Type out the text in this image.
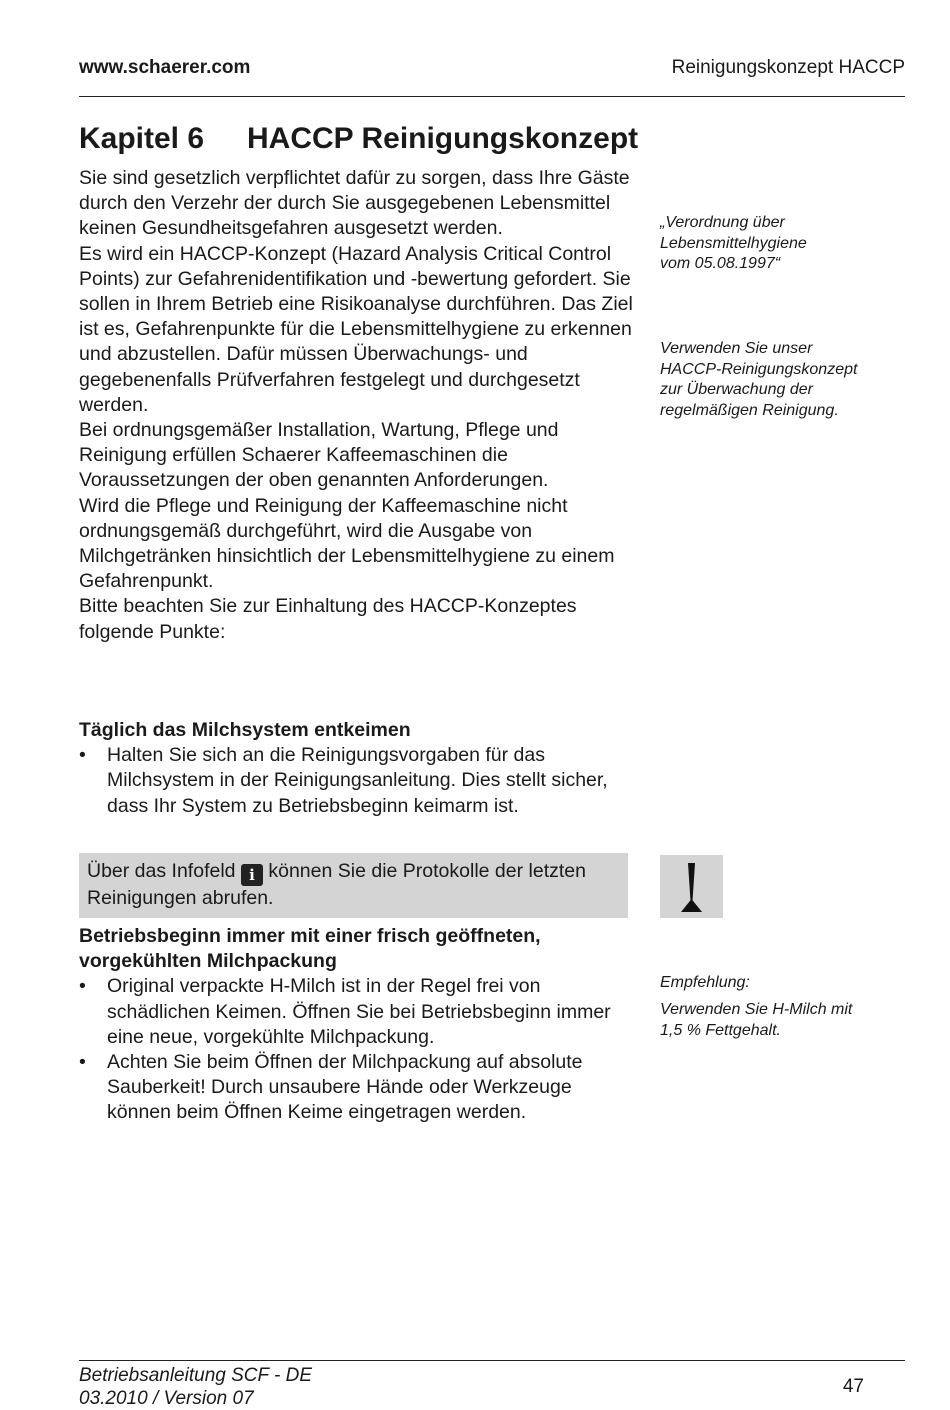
www.schaerer.com	Reinigungskonzept HACCP
Kapitel 6 HACCP Reinigungskonzept

Sie sind gesetzlich verpflichtet dafür zu sorgen, dass Ihre Gäste durch den Verzehr der durch Sie ausgegebenen Lebensmittel keinen Gesundheitsgefahren ausgesetzt werden.

Es wird ein HACCP-Konzept (Hazard Analysis Critical Control Points) zur Gefahrenidentifikation und -bewertung gefordert. Sie sollen in Ihrem Betrieb eine Risikoanalyse durchführen. Das Ziel ist es, Gefahrenpunkte für die Lebensmittelhygiene zu erkennen und abzustellen. Dafür müssen Überwachungs- und gegebenenfalls Prüfverfahren festgelegt und durchgesetzt werden.

Bei ordnungsgemäßer Installation, Wartung, Pflege und Reinigung erfüllen Schaerer Kaffeemaschinen die Voraussetzungen der oben genannten Anforderungen.

Wird die Pflege und Reinigung der Kaffeemaschine nicht ordnungsgemäß durchgeführt, wird die Ausgabe von Milchgetränken hinsichtlich der Lebensmittelhygiene zu einem Gefahrenpunkt.

Bitte beachten Sie zur Einhaltung des HACCP-Konzeptes folgende Punkte:

Täglich das Milchsystem entkeimen

• Halten Sie sich an die Reinigungsvorgaben für das Milchsystem in der Reinigungsanleitung. Dies stellt sicher, dass Ihr System zu Betriebsbeginn keimarm ist.
Über das Infofeld i können Sie die Protokolle der letzten Reinigungen abrufen.

Betriebsbeginn immer mit einer frisch geöffneten,
vorgekühlten Milchpackung

• Original verpackte H-Milch ist in der Regel frei von schädlichen Keimen. Öffnen Sie bei Betriebsbeginn immer eine neue, vorgekühlte Milchpackung.
• Achten Sie beim Öffnen der Milchpackung auf absolute Sauberkeit! Durch unsaubere Hände oder Werkzeuge können beim Öffnen Keime eingetragen werden.

„Verordnung über

Lebensmittelhygiene

vom 05.08.1997“

Verwenden Sie unser

HACCP-Reinigungskonzept

zur Überwachung der

regelmäßigen Reinigung.

Empfehlung:

Verwenden Sie H-Milch mit

1,5 % Fettgehalt.

Betriebsanleitung SCF - DE
03.2010 / Version 07
47
